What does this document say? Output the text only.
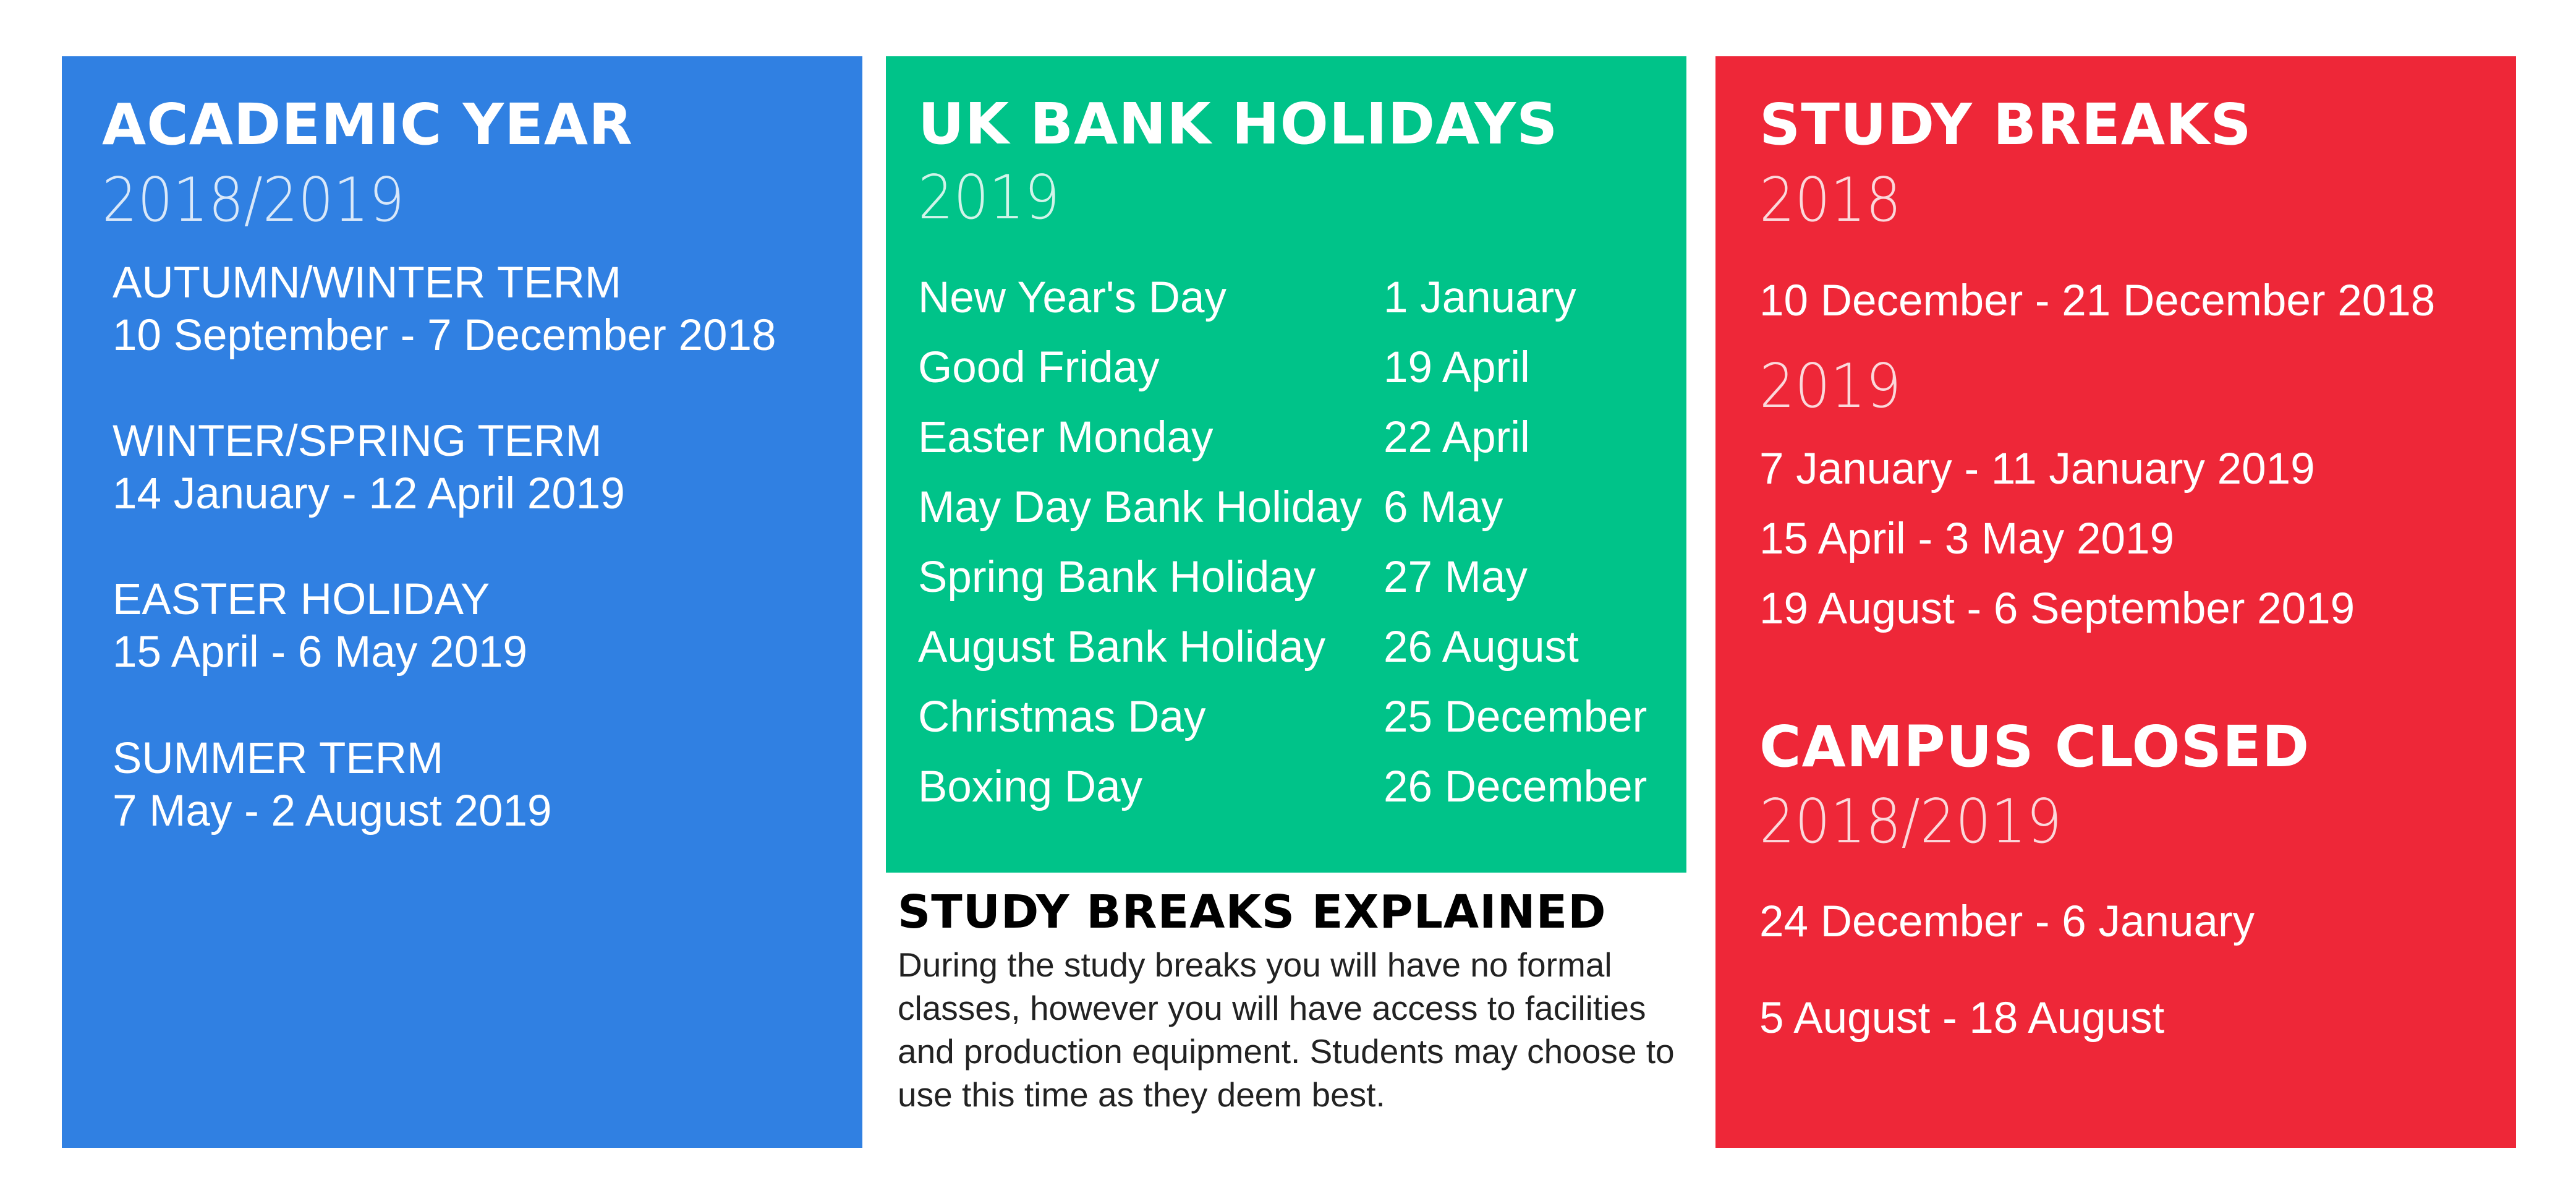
ACADEMIC YEAR
2018/2019
AUTUMN/WINTER TERM
10 September - 7 December 2018
WINTER/SPRING TERM
14 January - 12 April 2019
EASTER HOLIDAY
15 April - 6 May 2019
SUMMER TERM
7 May - 2 August 2019
UK BANK HOLIDAYS
2019
New Year's Day	1 January
Good Friday	19 April
Easter Monday	22 April
May Day Bank Holiday 6 May
Spring Bank Holiday 27 May
August Bank Holiday 26 August
Christmas Day	25 December
Boxing Day	26 December
STUDY BREAKS EXPLAINED

During the study breaks you will have no formal classes, however you will have access to facilities and production equipment. Students may choose to use this time as they deem best.

STUDY BREAKS
2018
10 December - 21 December 2018
2019
7 January - 11 January 2019
15 April - 3 May 2019
19 August - 6 September 2019
CAMPUS CLOSED
2018/2019
24 December - 6 January
5 August - 18 August
